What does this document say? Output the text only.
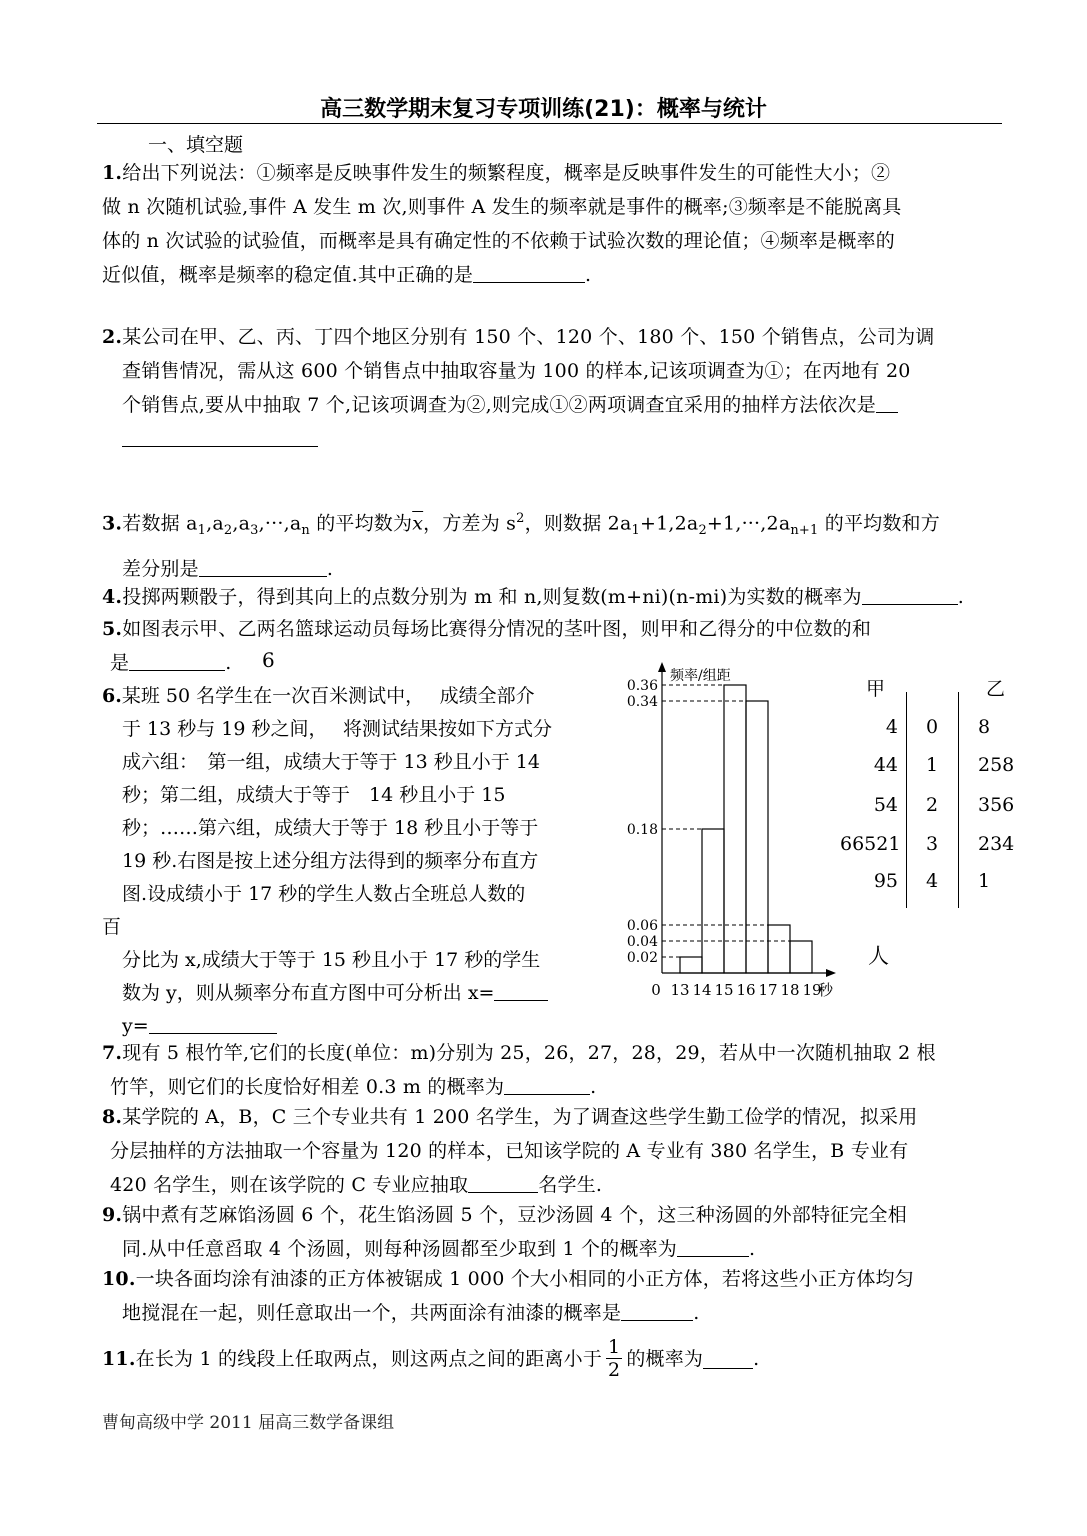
高三数学期末复习专项训练(21)：概率与统计
一、填空题
1.给出下列说法：①频率是反映事件发生的频繁程度，概率是反映事件发生的可能性大小；②
做 n 次随机试验,事件 A 发生 m 次,则事件 A 发生的频率就是事件的概率;③频率是不能脱离具
体的 n 次试验的试验值，而概率是具有确定性的不依赖于试验次数的理论值；④频率是概率的
近似值，概率是频率的稳定值.其中正确的是	.
2.某公司在甲、乙、丙、丁四个地区分别有 150 个、120 个、180 个、150 个销售点，公司为调
查销售情况，需从这 600 个销售点中抽取容量为 100 的样本,记该项调查为①；在丙地有 20
个销售点,要从中抽取 7 个,记该项调查为②,则完成①②两项调查宜采用的抽样方法依次是
3.若数据 $a_1,a_2,a_3,\cdot\cdot\cdot,a_n$ 的平均数为$\overline{x}$，方差为 $s^2$，则数据 $2a_1+1,2a_2+1,\cdot\cdot\cdot,2a_{n+1}$ 的平均数和方
差分别是	.
4.投掷两颗骰子，得到其向上的点数分别为 m 和 n,则复数(m+ni)(n-mi)为实数的概率为	.
5.如图表示甲、乙两名篮球运动员每场比赛得分情况的茎叶图，则甲和乙得分的中位数的和
是	.	6
6.某班 50 名学生在一次百米测试中，　 成绩全部介
于 13 秒与 19 秒之间，　 将测试结果按如下方式分
成六组：　第一组，成绩大于等于 13 秒且小于 14
秒；第二组，成绩大于等于　14 秒且小于 15
秒；……第六组，成绩大于等于 18 秒且小于等于
19 秒.右图是按上述分组方法得到的频率分布直方
图.设成绩小于 17 秒的学生人数占全班总人数的
百
分比为 x,成绩大于等于 15 秒且小于 17 秒的学生
数为 y，则从频率分布直方图中可分析出 x=
y=
频率/组距
0.36
0.34
0.18
0.06
0.04
0.02
0 13 14 15 16 17 18 19
秒
甲	乙
4	0	8
44	1	258
54	2	356
66521	3	234
95	4	1
人
7.现有 5 根竹竿,它们的长度(单位：m)分别为 25，26，27，28，29，若从中一次随机抽取 2 根
竹竿，则它们的长度恰好相差 0.3 m 的概率为	.
8.某学院的 A，B，C 三个专业共有 1 200 名学生，为了调查这些学生勤工俭学的情况，拟采用
分层抽样的方法抽取一个容量为 120 的样本，已知该学院的 A 专业有 380 名学生，B 专业有
420 名学生，则在该学院的 C 专业应抽取	名学生.
9.锅中煮有芝麻馅汤圆 6 个，花生馅汤圆 5 个，豆沙汤圆 4 个，这三种汤圆的外部特征完全相
同.从中任意舀取 4 个汤圆，则每种汤圆都至少取到 1 个的概率为	.
10.一块各面均涂有油漆的正方体被锯成 1 000 个大小相同的小正方体，若将这些小正方体均匀
地搅混在一起，则任意取出一个，共两面涂有油漆的概率是	.
11. 在长为 1 的线段上任取两点，则这两点之间的距离小于 $\frac{1}{2}$ 的概率为	.
曹甸高级中学 2011 届高三数学备课组
